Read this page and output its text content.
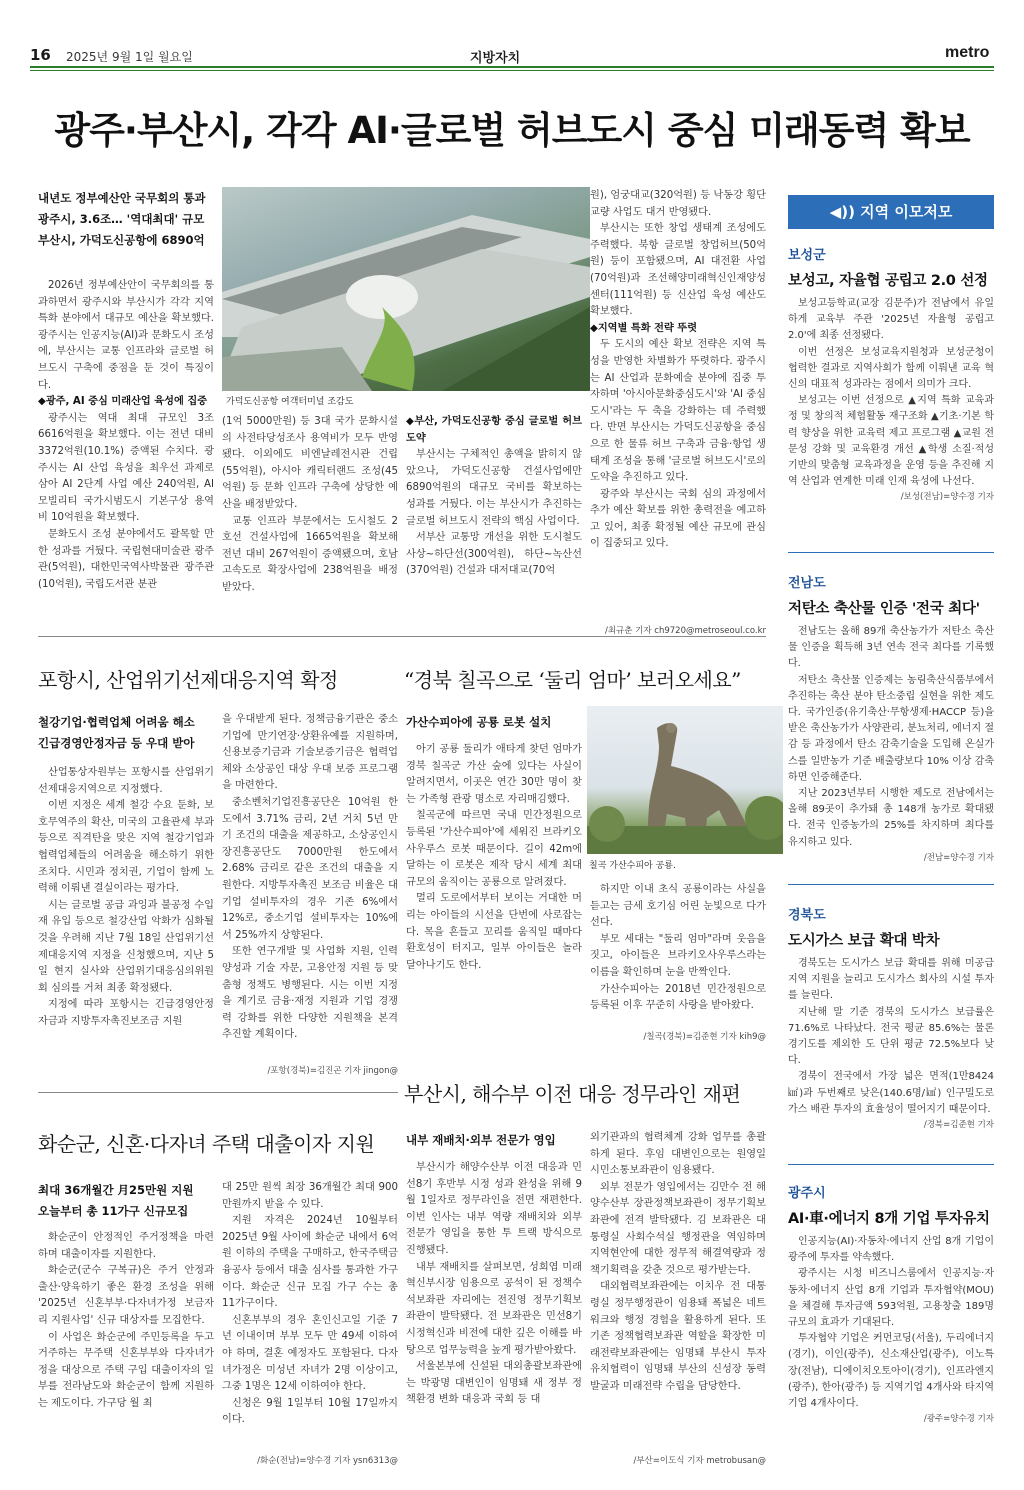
16 2025년 9월 1일 월요일	지방자치	metro
광주·부산시, 각각 AI·글로벌 허브도시 중심 미래동력 확보
내년도 정부예산안 국무회의 통과
광주시, 3.6조… '역대최대' 규모
부산시, 가덕도신공항에 6890억

2026년 정부예산안이 국무회의를 통과하면서 광주시와 부산시가 각각 지역 특화 분야에서 대규모 예산을 확보했다. 광주시는 인공지능(AI)과 문화도시 조성에, 부산시는 교통 인프라와 글로벌 허브도시 구축에 중점을 둔 것이 특징이다.

◆광주, AI 중심 미래산업 육성에 집중

광주시는 역대 최대 규모인 3조 6616억원을 확보했다. 이는 전년 대비 3372억원(10.1%) 증액된 수치다. 광주시는 AI 산업 육성을 최우선 과제로 삼아 AI 2단계 사업 예산 240억원, AI 모빌리티 국가시범도시 기본구상 용역비 10억원을 확보했다.

문화도시 조성 분야에서도 괄목할 만한 성과를 거뒀다. 국립현대미술관 광주관(5억원), 대한민국역사박물관 광주관(10억원), 국립도서관 분관

가덕도신공항 여객터미널 조감도

(1억 5000만원) 등 3대 국가 문화시설의 사전타당성조사 용역비가 모두 반영됐다. 이외에도 비엔날레전시관 건립(55억원), 아시아 캐릭터랜드 조성(45억원) 등 문화 인프라 구축에 상당한 예산을 배정받았다.

교통 인프라 부문에서는 도시철도 2호선 건설사업에 1665억원을 확보해 전년 대비 267억원이 증액됐으며, 호남고속도로 확장사업에 238억원을 배정받았다.

◆부산, 가덕도신공항 중심 글로벌 허브 도약

부산시는 구체적인 총액을 밝히지 않았으나, 가덕도신공항 건설사업에만 6890억원의 대규모 국비를 확보하는 성과를 거뒀다. 이는 부산시가 추진하는 글로벌 허브도시 전략의 핵심 사업이다.

서부산 교통망 개선을 위한 도시철도 사상~하단선(300억원), 하단~녹산선(370억원) 건설과 대저대교(70억

원), 엄궁대교(320억원) 등 낙동강 횡단 교량 사업도 대거 반영됐다.

부산시는 또한 창업 생태계 조성에도 주력했다. 북항 글로벌 창업허브(50억원) 등이 포함됐으며, AI 대전환 사업(70억원)과 조선해양미래혁신인재양성센터(111억원) 등 신산업 육성 예산도 확보했다.

◆지역별 특화 전략 뚜렷

두 도시의 예산 확보 전략은 지역 특성을 반영한 차별화가 뚜렷하다. 광주시는 AI 산업과 문화예술 분야에 집중 투자하며 '아시아문화중심도시'와 'AI 중심도시'라는 두 축을 강화하는 데 주력했다. 반면 부산시는 가덕도신공항을 중심으로 한 물류 허브 구축과 금융·항업 생태계 조성을 통해 '글로벌 허브도시'로의 도약을 추진하고 있다.

광주와 부산시는 국회 심의 과정에서 추가 예산 확보를 위한 총력전을 예고하고 있어, 최종 확정될 예산 규모에 관심이 집중되고 있다.

/최규춘 기자 ch9720@metroseoul.co.kr
포항시, 산업위기선제대응지역 확정
철강기업·협력업체 어려움 해소
긴급경영안정자금 등 우대 받아

산업통상자원부는 포항시를 산업위기선제대응지역으로 지정했다.

이번 지정은 세계 철강 수요 둔화, 보호무역주의 확산, 미국의 고율관세 부과 등으로 직격탄을 맞은 지역 철강기업과 협력업체들의 어려움을 해소하기 위한 조치다. 시민과 정치권, 기업이 함께 노력해 이뤄낸 결실이라는 평가다.

시는 글로벌 공급 과잉과 불공정 수입재 유입 등으로 철강산업 악화가 심화될 것을 우려해 지난 7월 18일 산업위기선제대응지역 지정을 신청했으며, 지난 5일 현지 실사와 산업위기대응심의위원회 심의를 거쳐 최종 확정됐다.

지정에 따라 포항시는 긴급경영안정자금과 지방투자촉진보조금 지원

을 우대받게 된다. 정책금융기관은 중소기업에 만기연장·상환유예를 지원하며, 신용보증기금과 기술보증기금은 협력업체와 소상공인 대상 우대 보증 프로그램을 마련한다.

중소벤처기업진흥공단은 10억원 한도에서 3.71% 금리, 2년 거치 5년 만기 조건의 대출을 제공하고, 소상공인시장진흥공단도 7000만원 한도에서 2.68% 금리로 같은 조건의 대출을 지원한다. 지방투자촉진 보조금 비율은 대기업 설비투자의 경우 기존 6%에서 12%로, 중소기업 설비투자는 10%에서 25%까지 상향된다.

또한 연구개발 및 사업화 지원, 인력양성과 기술 자문, 고용안정 지원 등 맞춤형 정책도 병행된다. 시는 이번 지정을 계기로 금융·재정 지원과 기업 경쟁력 강화를 위한 다양한 지원책을 본격 추진할 계획이다.

/포항(경북)=김진곤 기자 jingon@
“경북 칠곡으로 ‘둘리 엄마’ 보러오세요”
가산수피아에 공룡 로봇 설치

아기 공룡 둘리가 애타게 찾던 엄마가 경북 칠곡군 가산 숲에 있다는 사실이 알려지면서, 이곳은 연간 30만 명이 찾는 가족형 관광 명소로 자리매김했다.

칠곡군에 따르면 국내 민간정원으로 등록된 '가산수피아'에 세워진 브라키오사우루스 로봇 때문이다. 길이 42m에 달하는 이 로봇은 제작 당시 세계 최대 규모의 움직이는 공룡으로 알려졌다.

멀리 도로에서부터 보이는 거대한 머리는 아이들의 시선을 단번에 사로잡는다. 목을 흔들고 꼬리를 움직일 때마다 환호성이 터지고, 일부 아이들은 놀라 달아나기도 한다.

칠곡 가산수피아 공룡.

하지만 이내 초식 공룡이라는 사실을 듣고는 금세 호기심 어린 눈빛으로 다가선다.

부모 세대는 "둘리 엄마"라며 웃음을 짓고, 아이들은 브라키오사우루스라는 이름을 확인하며 눈을 반짝인다.

가산수피아는 2018년 민간정원으로 등록된 이후 꾸준히 사랑을 받아왔다.

/칠곡(경북)=김준현 기자 kih9@
부산시, 해수부 이전 대응 정무라인 재편
내부 재배치·외부 전문가 영입

부산시가 해양수산부 이전 대응과 민선8기 후반부 시정 성과 완성을 위해 9월 1일자로 정무라인을 전면 재편한다. 이번 인사는 내부 역량 재배치와 외부 전문가 영입을 통한 투 트랙 방식으로 진행됐다.

내부 재배치를 살펴보면, 성희엽 미래혁신부시장 임용으로 공석이 된 정책수석보좌관 자리에는 전진영 정무기획보좌관이 발탁됐다. 전 보좌관은 민선8기 시정혁신과 비전에 대한 깊은 이해를 바탕으로 업무능력을 높게 평가받아왔다.

서울본부에 신설된 대외총괄보좌관에는 박광명 대변인이 임명돼 새 정부 정책환경 변화 대응과 국회 등 대

외기관과의 협력체계 강화 업무를 총괄하게 된다. 후임 대변인으로는 원영일 시민소통보좌관이 임용됐다.

외부 전문가 영입에서는 김만수 전 해양수산부 장관정책보좌관이 정무기획보좌관에 전격 발탁됐다. 김 보좌관은 대통령실 사회수석실 행정관을 역임하며 지역현안에 대한 정무적 해결역량과 정책기획력을 갖춘 것으로 평가받는다.

대외협력보좌관에는 이치우 전 대통령실 정무행정관이 임용돼 폭넓은 네트워크와 행정 경험을 활용하게 된다. 또 기존 정책협력보좌관 역할을 확장한 미래전략보좌관에는 임명돼 부산시 투자 유치협력이 임명돼 부산의 신성장 동력 발굴과 미래전략 수립을 담당한다.

/부산=이도식 기자 metrobusan@
화순군, 신혼·다자녀 주택 대출이자 지원
최대 36개월간 月25만원 지원
오늘부터 총 11가구 신규모집

화순군이 안정적인 주거정책을 마련하며 대출이자를 지원한다.

화순군(군수 구복규)은 주거 안정과 출산·양육하기 좋은 환경 조성을 위해 '2025년 신혼부부·다자녀가정 보금자리 지원사업' 신규 대상자를 모집한다.

이 사업은 화순군에 주민등록을 두고 거주하는 무주택 신혼부부와 다자녀가정을 대상으로 주택 구입 대출이자의 일부를 전라남도와 화순군이 함께 지원하는 제도이다. 가구당 월 최

대 25만 원씩 최장 36개월간 최대 900만원까지 받을 수 있다.

지원 자격은 2024년 10월부터 2025년 9월 사이에 화순군 내에서 6억원 이하의 주택을 구매하고, 한국주택금융공사 등에서 대출 심사를 통과한 가구이다. 화순군 신규 모집 가구 수는 총 11가구이다.

신혼부부의 경우 혼인신고일 기준 7년 이내이며 부부 모두 만 49세 이하여야 하며, 결혼 예정자도 포함된다. 다자녀가정은 미성년 자녀가 2명 이상이고, 그중 1명은 12세 이하여야 한다.

신청은 9월 1일부터 10월 17일까지이다.

/화순(전남)=양수경 기자 ysn6313@
◀)) 지역 이모저모
보성군
보성고, 자율협 공립고 2.0 선정

보성고등학교(교장 김문주)가 전남에서 유일하게 교육부 주관 '2025년 자율형 공립고 2.0'에 최종 선정됐다.

이번 선정은 보성교육지원청과 보성군청이 협력한 결과로 지역사회가 함께 이뤄낸 교육 혁신의 대표적 성과라는 점에서 의미가 크다.

보성고는 이번 선정으로 ▲지역 특화 교육과정 및 창의적 체험활동 재구조화 ▲기초·기본 학력 향상을 위한 교육력 제고 프로그램 ▲교원 전문성 강화 및 교육환경 개선 ▲학생 소질·적성 기반의 맞춤형 교육과정을 운영 등을 추진해 지역 산업과 연계한 미래 인재 육성에 나선다.

/보성(전남)=양수경 기자
전남도
저탄소 축산물 인증 '전국 최다'

전남도는 올해 89개 축산농가가 저탄소 축산물 인증을 획득해 3년 연속 전국 최다를 기록했다.

저탄소 축산물 인증제는 농림축산식품부에서 추진하는 축산 분야 탄소중립 실현을 위한 제도다. 국가인증(유기축산·무항생제·HACCP 등)을 받은 축산농가가 사양관리, 분뇨처리, 에너지 절감 등 과정에서 탄소 감축기술을 도입해 온실가스를 일반농가 기준 배출량보다 10% 이상 감축하면 인증해준다.

지난 2023년부터 시행한 제도로 전남에서는 올해 89곳이 추가돼 총 148개 농가로 확대됐다. 전국 인증농가의 25%를 차지하며 최다를 유지하고 있다.

/전남=양수경 기자
경북도
도시가스 보급 확대 박차

경북도는 도시가스 보급 확대를 위해 미공급 지역 지원을 늘리고 도시가스 회사의 시설 투자를 늘린다.

지난해 말 기준 경북의 도시가스 보급률은 71.6%로 나타났다. 전국 평균 85.6%는 물론 경기도를 제외한 도 단위 평균 72.5%보다 낮다.

경북이 전국에서 가장 넓은 면적(1만8424㎢)과 두번째로 낮은(140.6명/㎢) 인구밀도로 가스 배관 투자의 효율성이 떨어지기 때문이다.

/경북=김준현 기자
광주시
AI·車·에너지 8개 기업 투자유치

인공지능(AI)·자동차·에너지 산업 8개 기업이 광주에 투자를 약속했다.

광주시는 시청 비즈니스룸에서 인공지능·자동차·에너지 산업 8개 기업과 투자협약(MOU)을 체결해 투자금액 593억원, 고용창출 189명 규모의 효과가 기대된다.

투자협약 기업은 커먼코딩(서울), 두리에너지(경기), 이인(광주), 신소재산업(광주), 이노특장(전남), 디에이치오토아이(경기), 인프라엔지(광주), 한아(광주) 등 지역기업 4개사와 타지역기업 4개사이다.

/광주=양수경 기자
